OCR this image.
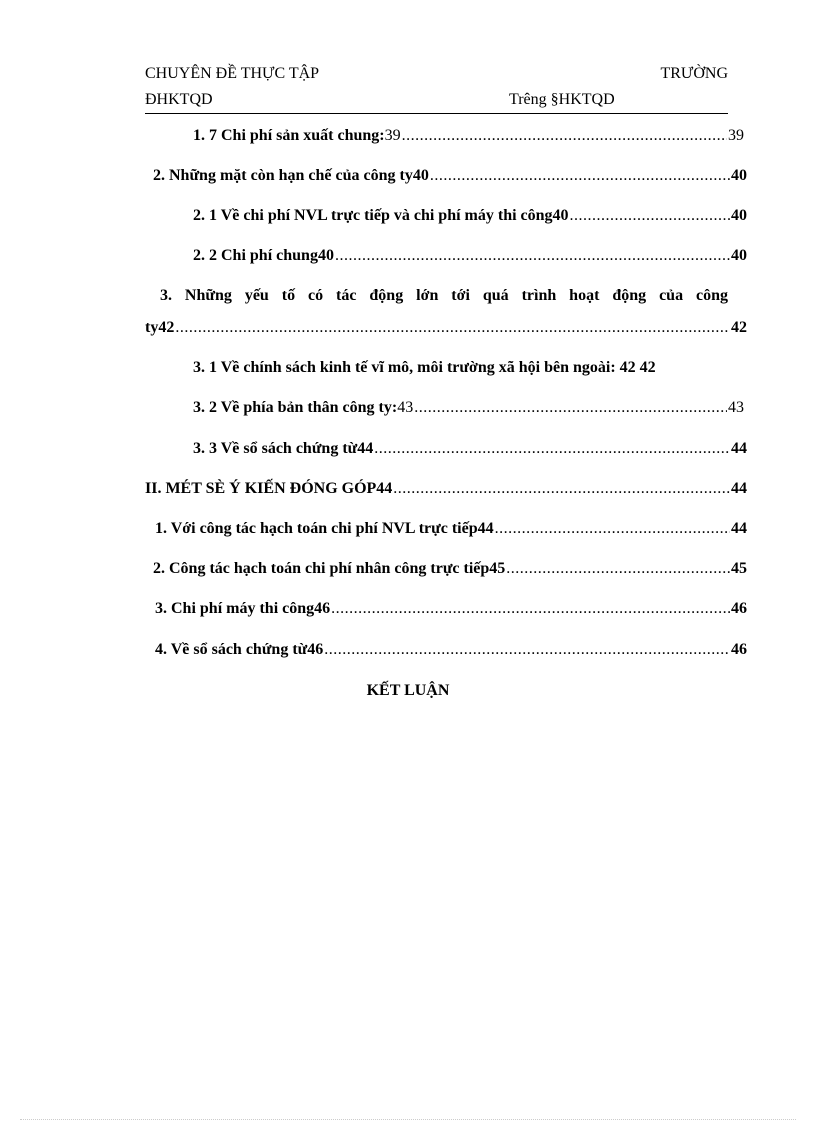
CHUYÊN ĐỀ THỰC TẬP	TRƯỜNG
ĐHKTQD	Trêng §HKTQD
1. 7 Chi phí sản xuất chung: 39 .....	39
2. Những mặt còn hạn chế của công ty40 .....	40
2. 1 Về chi phí NVL trực tiếp và chi phí máy thi công40 .....	40
2. 2 Chi phí chung40 .....	40
3. Những yếu tố có tác động lớn tới quá trình hoạt động của công
ty42 .....	42
3. 1 Về chính sách kinh tế vĩ mô, môi trường xã hội bên ngoài: 42 42
3. 2 Về phía bản thân công ty: 43 .....	43
3. 3 Về sổ sách chứng từ44 .....	44
II. MÉT SÈ Ý KIẾN ĐÓNG GÓP44 .....	44
1. Với công tác hạch toán chi phí NVL trực tiếp44 .....	44
2. Công tác hạch toán chi phí nhân công trực tiếp45 .....	45
3. Chi phí máy thi công46 .....	46
4. Về sổ sách chứng từ46 .....	46
KẾT LUẬN
